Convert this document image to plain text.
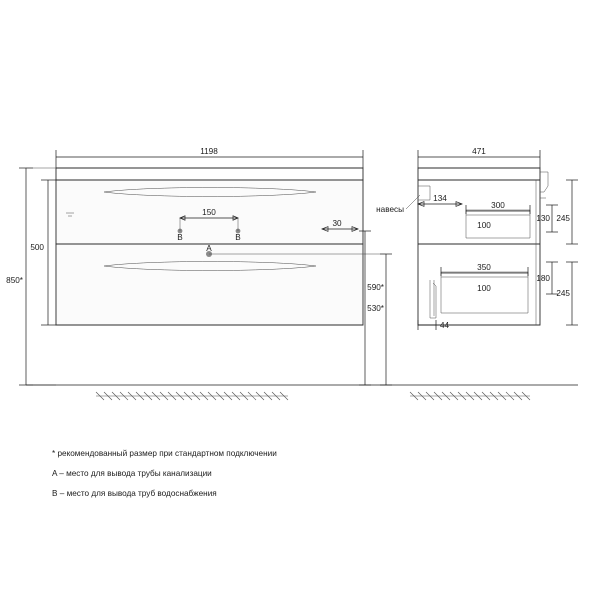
1198
150
B	B
A
30
500
850*
471
134
навесы	300
100
350
100
130 245
180
245
44
590*
530*
* рекомендованный размер при стандартном подключении
A – место для вывода трубы канализации
B – место для вывода труб водоснабжения
